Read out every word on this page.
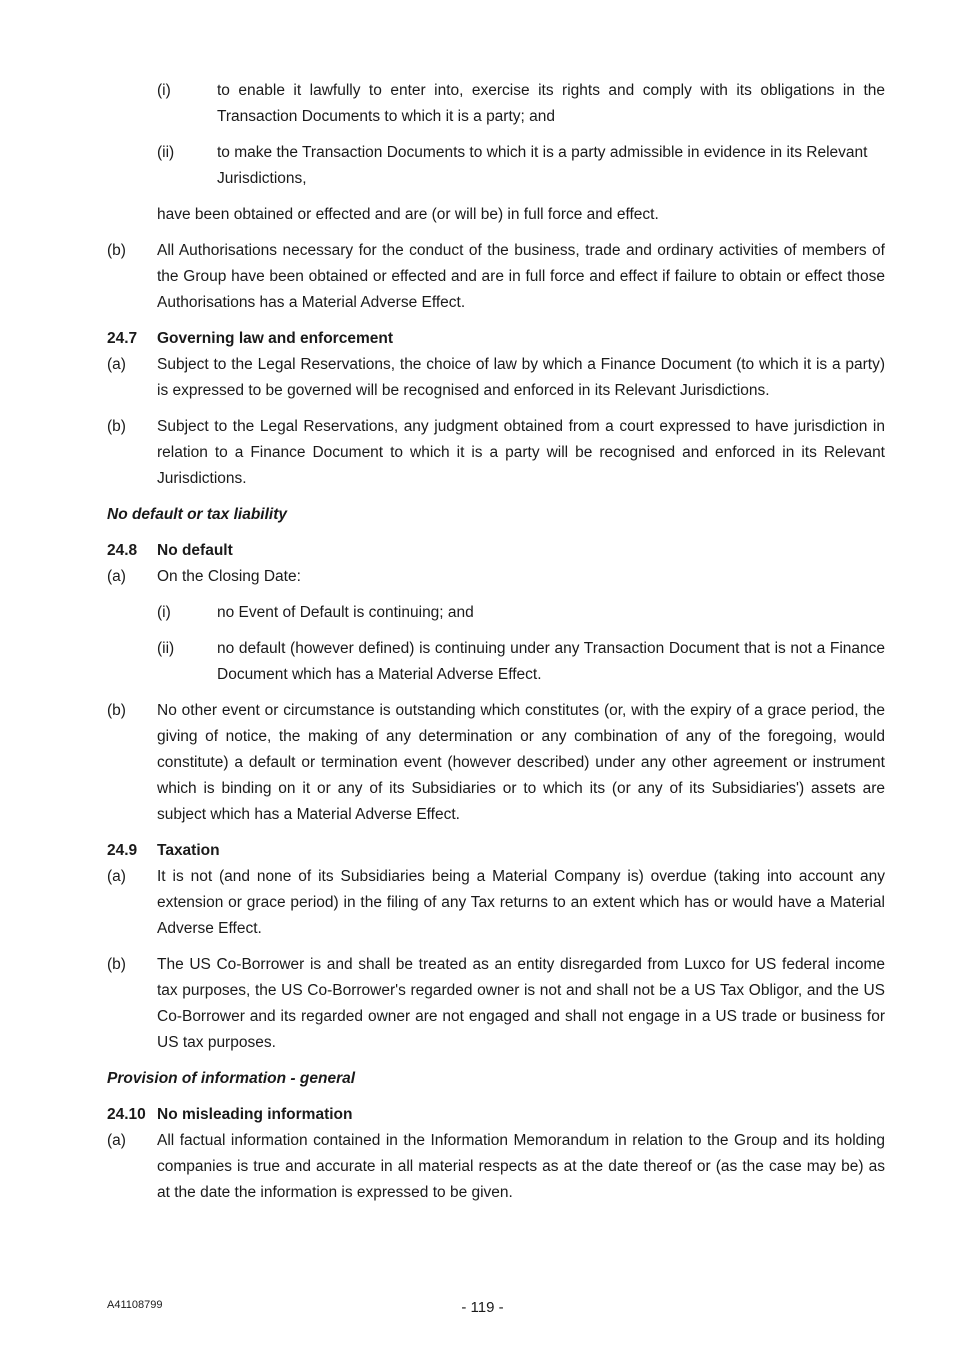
(i)	to enable it lawfully to enter into, exercise its rights and comply with its obligations in the Transaction Documents to which it is a party; and
(ii)	to make the Transaction Documents to which it is a party admissible in evidence in its Relevant Jurisdictions,
have been obtained or effected and are (or will be) in full force and effect.
(b) All Authorisations necessary for the conduct of the business, trade and ordinary activities of members of the Group have been obtained or effected and are in full force and effect if failure to obtain or effect those Authorisations has a Material Adverse Effect.
24.7 Governing law and enforcement
(a) Subject to the Legal Reservations, the choice of law by which a Finance Document (to which it is a party) is expressed to be governed will be recognised and enforced in its Relevant Jurisdictions.
(b) Subject to the Legal Reservations, any judgment obtained from a court expressed to have jurisdiction in relation to a Finance Document to which it is a party will be recognised and enforced in its Relevant Jurisdictions.
No default or tax liability
24.8 No default
(a) On the Closing Date:
(i)	no Event of Default is continuing; and
(ii)	no default (however defined) is continuing under any Transaction Document that is not a Finance Document which has a Material Adverse Effect.
(b) No other event or circumstance is outstanding which constitutes (or, with the expiry of a grace period, the giving of notice, the making of any determination or any combination of any of the foregoing, would constitute) a default or termination event (however described) under any other agreement or instrument which is binding on it or any of its Subsidiaries or to which its (or any of its Subsidiaries') assets are subject which has a Material Adverse Effect.
24.9 Taxation
(a) It is not (and none of its Subsidiaries being a Material Company is) overdue (taking into account any extension or grace period) in the filing of any Tax returns to an extent which has or would have a Material Adverse Effect.
(b) The US Co-Borrower is and shall be treated as an entity disregarded from Luxco for US federal income tax purposes, the US Co-Borrower's regarded owner is not and shall not be a US Tax Obligor, and the US Co-Borrower and its regarded owner are not engaged and shall not engage in a US trade or business for US tax purposes.
Provision of information - general
24.10 No misleading information
(a) All factual information contained in the Information Memorandum in relation to the Group and its holding companies is true and accurate in all material respects as at the date thereof or (as the case may be) as at the date the information is expressed to be given.
A41108799	- 119 -
